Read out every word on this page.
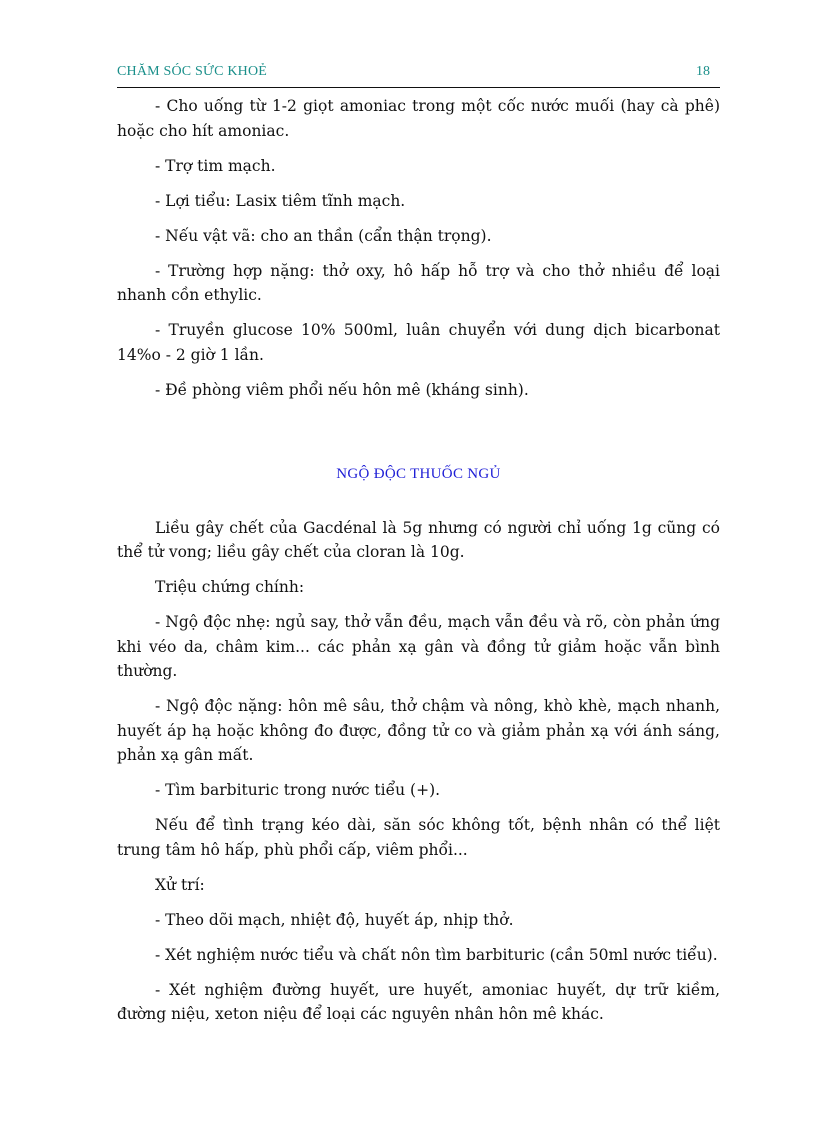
CHĂM SÓC SỨC KHOẺ	18

- Cho uống từ 1-2 giọt amoniac trong một cốc nước muối (hay cà phê) hoặc cho hít amoniac.

- Trợ tim mạch.

- Lợi tiểu: Lasix tiêm tĩnh mạch.

- Nếu vật vã: cho an thần (cẩn thận trọng).

- Trường hợp nặng: thở oxy, hô hấp hỗ trợ và cho thở nhiều để loại nhanh cồn ethylic.

- Truyền glucose 10% 500ml, luân chuyển với dung dịch bicarbonat 14%o - 2 giờ 1 lần.

- Đề phòng viêm phổi nếu hôn mê (kháng sinh).

NGỘ ĐỘC THUỐC NGỦ

Liều gây chết của Gacdénal là 5g nhưng có người chỉ uống 1g cũng có thể tử vong; liều gây chết của cloran là 10g.

Triệu chứng chính:

- Ngộ độc nhẹ: ngủ say, thở vẫn đều, mạch vẫn đều và rõ, còn phản ứng khi véo da, châm kim... các phản xạ gân và đồng tử giảm hoặc vẫn bình thường.

- Ngộ độc nặng: hôn mê sâu, thở chậm và nông, khò khè, mạch nhanh, huyết áp hạ hoặc không đo được, đồng tử co và giảm phản xạ với ánh sáng, phản xạ gân mất.

- Tìm barbituric trong nước tiểu (+).

Nếu để tình trạng kéo dài, săn sóc không tốt, bệnh nhân có thể liệt trung tâm hô hấp, phù phổi cấp, viêm phổi...

Xử trí:

- Theo dõi mạch, nhiệt độ, huyết áp, nhịp thở.

- Xét nghiệm nước tiểu và chất nôn tìm barbituric (cần 50ml nước tiểu).

- Xét nghiệm đường huyết, ure huyết, amoniac huyết, dự trữ kiềm, đường niệu, xeton niệu để loại các nguyên nhân hôn mê khác.
